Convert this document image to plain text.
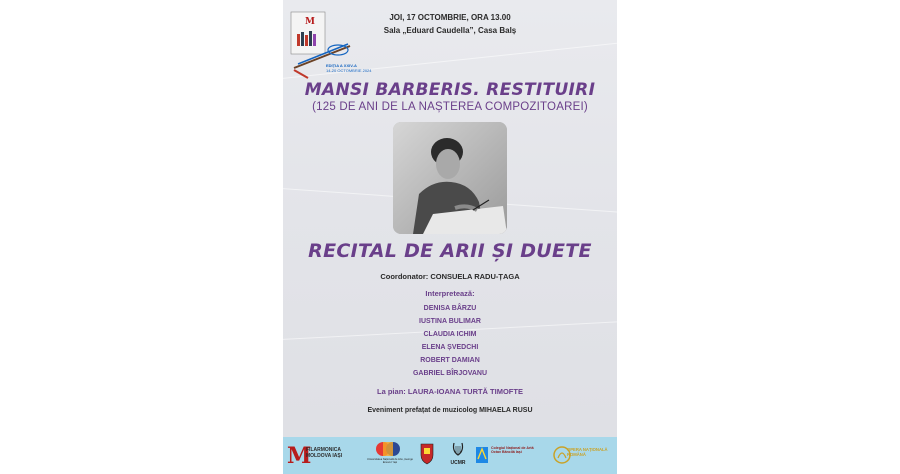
M
EDIȚIA A XXIV-A
14-20 OCTOMBRIE 2024
JOI, 17 OCTOMBRIE, ORA 13.00
Sala „Eduard Caudella”, Casa Balș
MANSI BARBERIS. RESTITUIRI
(125 DE ANI DE LA NAȘTEREA COMPOZITOAREI)
RECITAL DE ARII ȘI DUETE
Coordonator: CONSUELA RADU-ȚAGA
Interpretează:
DENISA BÂRZU
IUSTINA BULIMAR
CLAUDIA ICHIM
ELENA ȘVEDCHI
ROBERT DAMIAN
GABRIEL BÎRJOVANU
La pian: LAURA-IOANA TURTĂ TIMOFTE
Eveniment prefațat de muzicolog MIHAELA RUSU
M
FILARMONICA MOLDOVA IAȘI
Universitatea Națională de Arte „George Enescu” Iași	UCMR
Colegiul Național de Artă Octav Băncilă Iași
OPERA NAȚIONALĂ ROMÂNĂ
